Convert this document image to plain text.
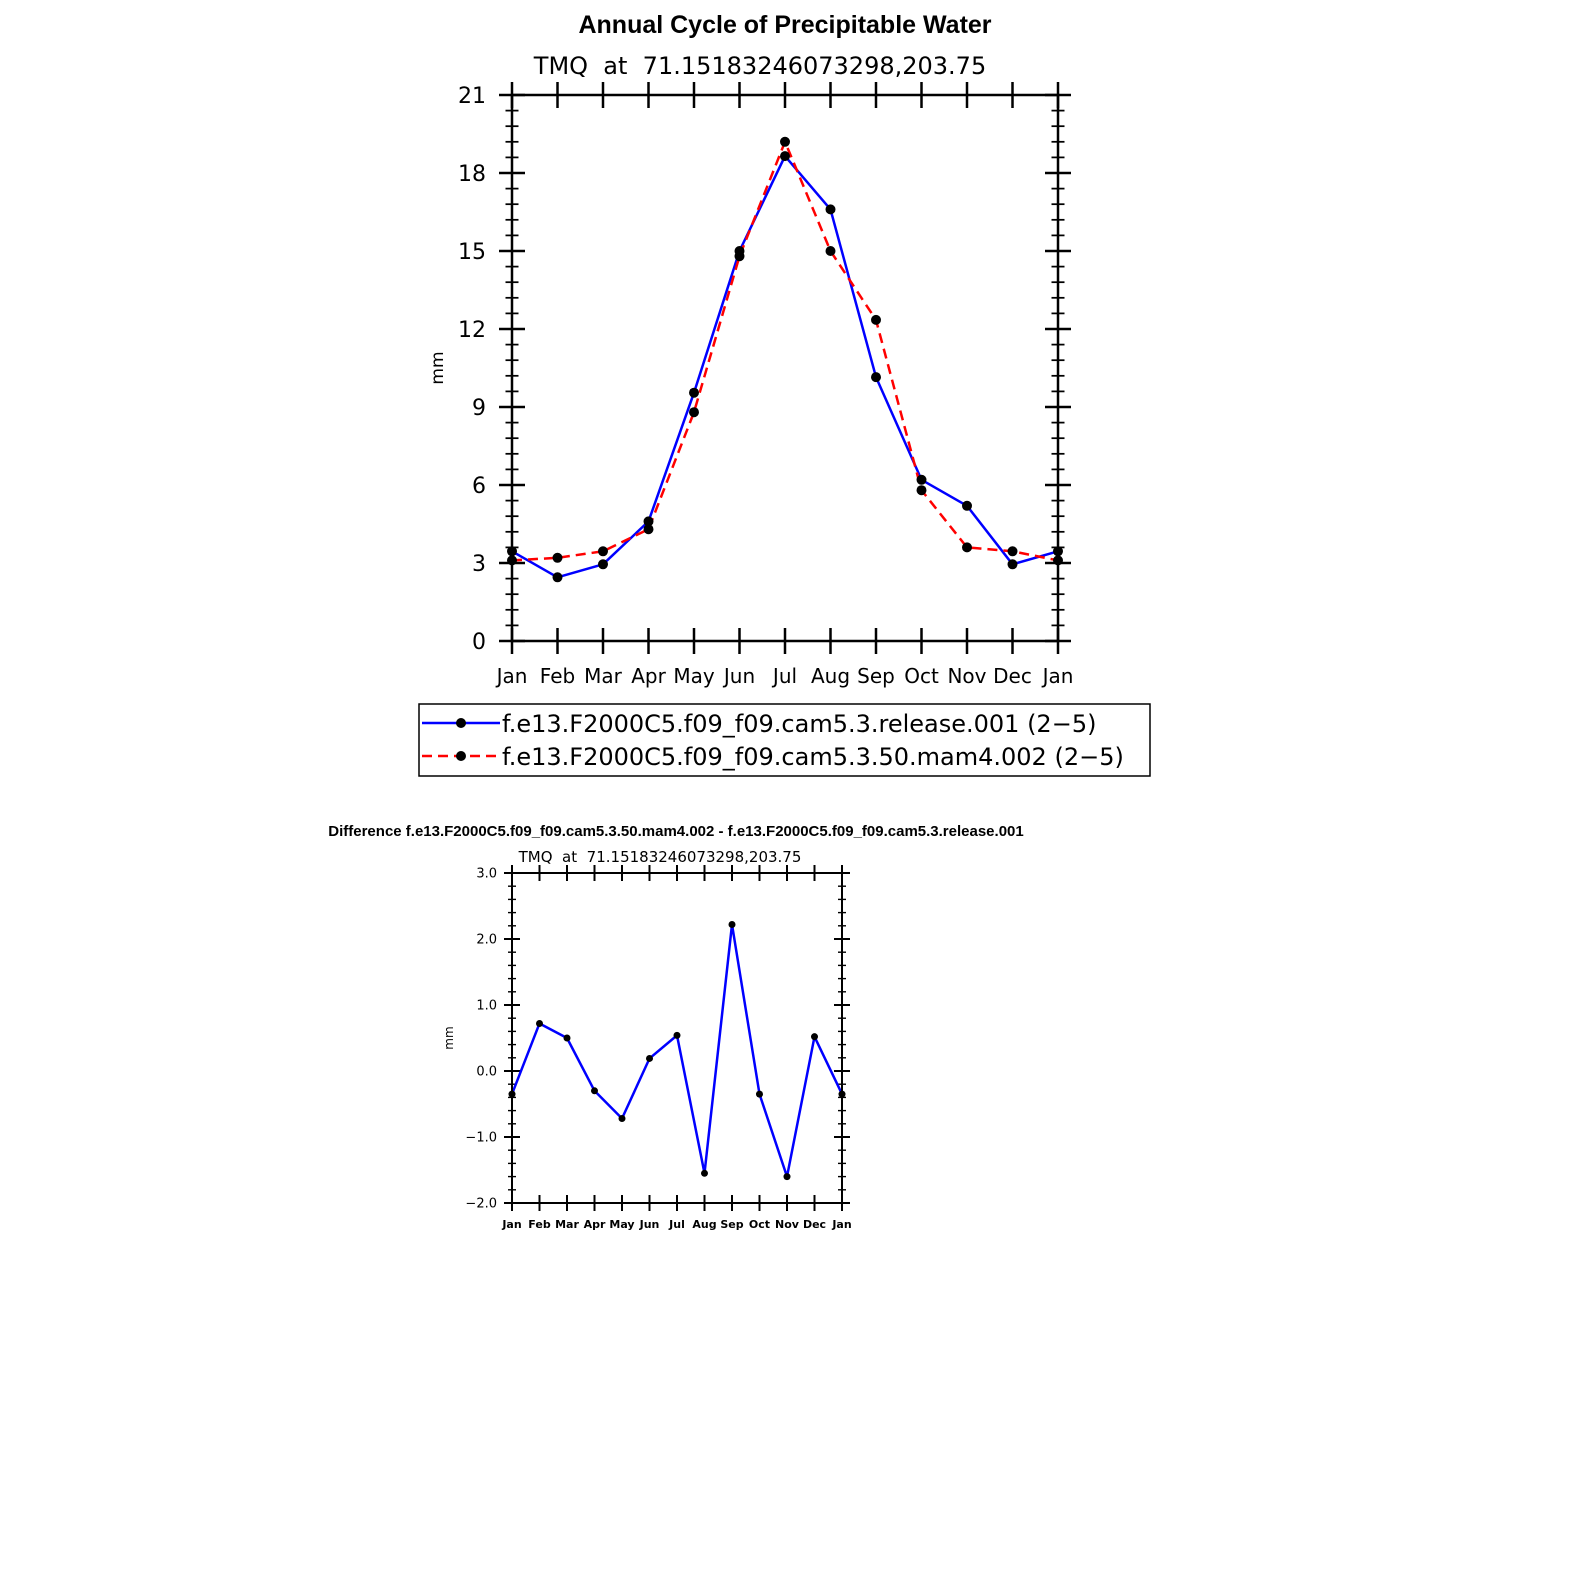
Annual Cycle of Precipitable Water
TMQ  at  71.15183246073298,203.75
mm
Jan Feb Mar Apr May Jun Jul Aug Sep Oct Nov Dec Jan
0
3
6
9
12
15
18
21
f.e13.F2000C5.f09_f09.cam5.3.release.001 (2−5)
f.e13.F2000C5.f09_f09.cam5.3.50.mam4.002 (2−5)
Difference f.e13.F2000C5.f09_f09.cam5.3.50.mam4.002 - f.e13.F2000C5.f09_f09.cam5.3.release.001
TMQ  at  71.15183246073298,203.75
mm
Jan Feb Mar Apr May Jun Jul Aug Sep Oct Nov Dec Jan
−2.0
−1.0
0.0
1.0
2.0
3.0
